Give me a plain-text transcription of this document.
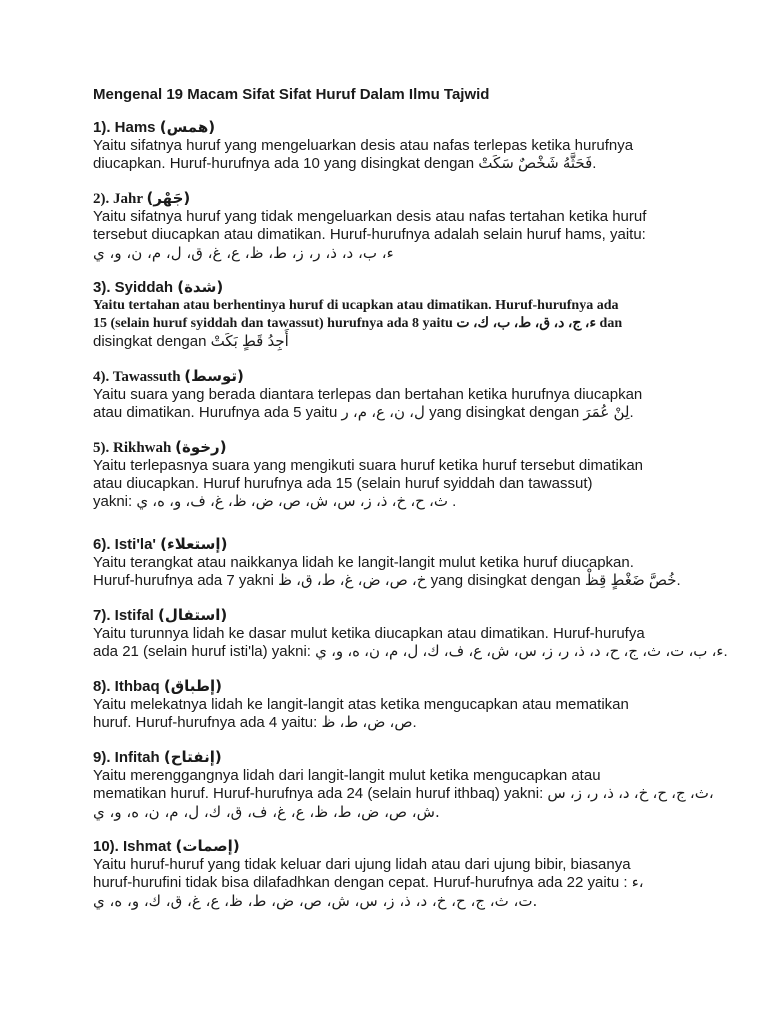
Mengenal 19 Macam Sifat Sifat Huruf Dalam Ilmu Tajwid
1). Hams (همس)
Yaitu sifatnya huruf yang mengeluarkan desis atau nafas terlepas ketika hurufnya
diucapkan. Huruf-hurufnya ada 10 yang disingkat dengan فَحَثَّهُ شَخْصٌ سَكَتْ.
2). Jahr (جَهْر)
Yaitu sifatnya huruf yang tidak mengeluarkan desis atau nafas tertahan ketika huruf
tersebut diucapkan atau dimatikan. Huruf-hurufnya adalah selain huruf hams, yaitu:
ء، ب، د، ذ، ر، ز، ط، ظ، ع، غ، ق، ل، م، ن، و، ي
3). Syiddah (شدة)
Yaitu tertahan atau berhentinya huruf di ucapkan atau dimatikan. Huruf-hurufnya ada
15 (selain huruf syiddah dan tawassut) hurufnya ada 8 yaitu ء، ج، د، ق، ط، ب، ك، ت dan
disingkat dengan أَجِدُ قَطٍ بَكَتْ
4). Tawassuth (توسط)
Yaitu suara yang berada diantara terlepas dan bertahan ketika hurufnya diucapkan
atau dimatikan. Hurufnya ada 5 yaitu ل، ن، ع، م، ر yang disingkat dengan لِنْ عُمَرَ.
5). Rikhwah (رخوة)
Yaitu terlepasnya suara yang mengikuti suara huruf ketika huruf tersebut dimatikan
atau diucapkan. Huruf hurufnya ada 15 (selain huruf syiddah dan tawassut)
yakni: ث، ح، خ، ذ، ز، س، ش، ص، ض، ظ، غ، ف، و، ه، ي .
6). Isti'la' (إستعلاء)
Yaitu terangkat atau naikkanya lidah ke langit-langit mulut ketika huruf diucapkan.
Huruf-hurufnya ada 7 yakni خ، ص، ض، غ، ط، ق، ظ yang disingkat dengan خُصَّ ضَغْطٍ قِظْ.
7). Istifal (استفال)
Yaitu turunnya lidah ke dasar mulut ketika diucapkan atau dimatikan. Huruf-hurufya
ada 21 (selain huruf isti'la) yakni: ء، ب، ت، ث، ج، ح، د، ذ، ر، ز، س، ش، ع، ف، ك، ل، م، ن، ه، و، ي.
8). Ithbaq (إطباق)
Yaitu melekatnya lidah ke langit-langit atas ketika mengucapkan atau mematikan
huruf. Huruf-hurufnya ada 4 yaitu: ص، ض، ط، ظ.
9). Infitah (إنفتاح)
Yaitu merenggangnya lidah dari langit-langit mulut ketika mengucapkan atau
mematikan huruf. Huruf-hurufnya ada 24 (selain huruf ithbaq) yakni: ث، ج، ح، خ، د، ذ، ر، ز، س،
ش، ص، ض، ط، ظ، ع، غ، ف، ق، ك، ل، م، ن، ه، و، ي.
10). Ishmat (إصمات)
Yaitu huruf-huruf yang tidak keluar dari ujung lidah atau dari ujung bibir, biasanya
huruf-hurufini tidak bisa dilafadhkan dengan cepat. Huruf-hurufnya ada 22 yaitu : ء،
ت، ث، ج، ح، خ، د، ذ، ز، س، ش، ص، ض، ط، ظ، ع، غ، ق، ك، و، ه، ي.
